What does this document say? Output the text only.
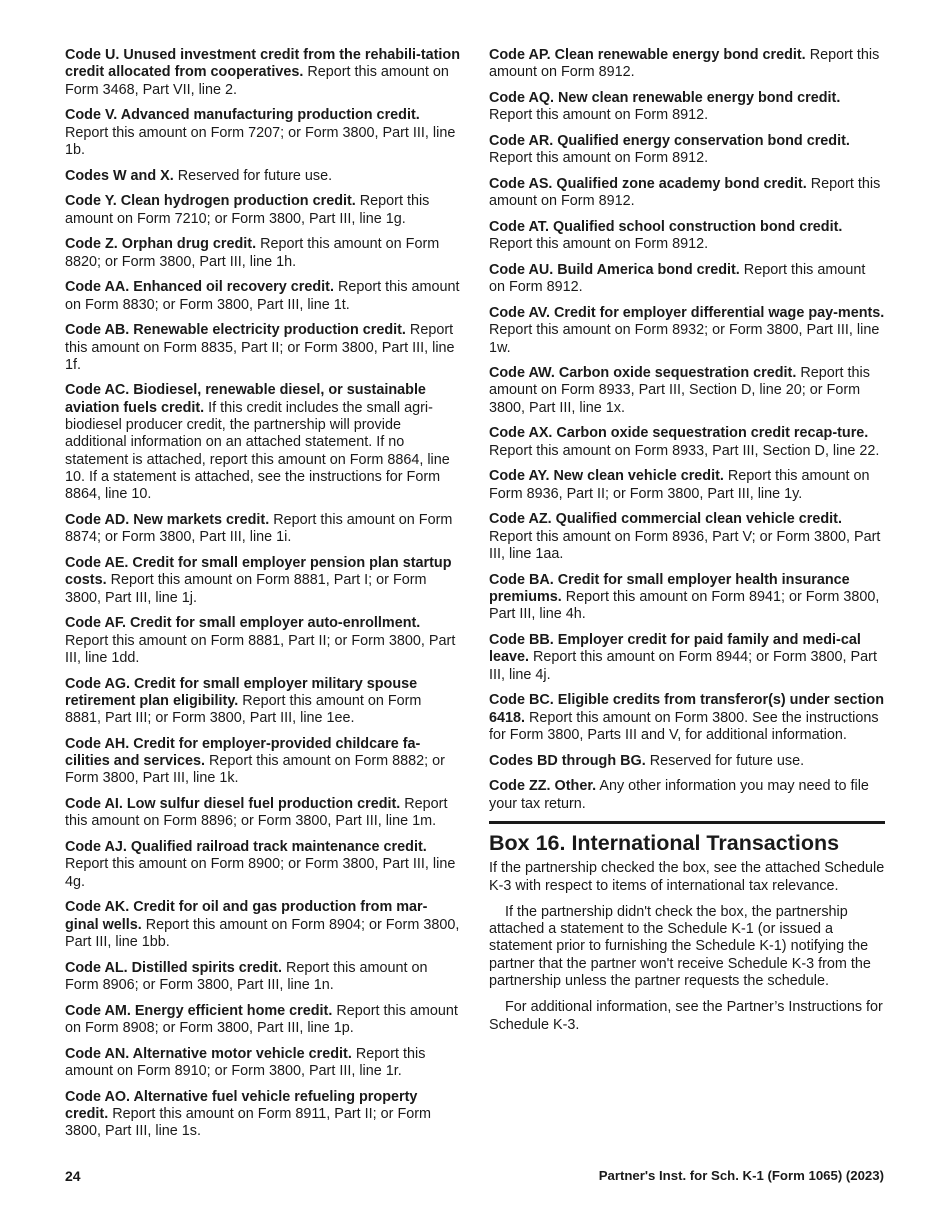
Code U. Unused investment credit from the rehabili-tation credit allocated from cooperatives. Report this amount on Form 3468, Part VII, line 2.
Code V. Advanced manufacturing production credit. Report this amount on Form 7207; or Form 3800, Part III, line 1b.
Codes W and X. Reserved for future use.
Code Y. Clean hydrogen production credit. Report this amount on Form 7210; or Form 3800, Part III, line 1g.
Code Z. Orphan drug credit. Report this amount on Form 8820; or Form 3800, Part III, line 1h.
Code AA. Enhanced oil recovery credit. Report this amount on Form 8830; or Form 3800, Part III, line 1t.
Code AB. Renewable electricity production credit. Report this amount on Form 8835, Part II; or Form 3800, Part III, line 1f.
Code AC. Biodiesel, renewable diesel, or sustainable aviation fuels credit. If this credit includes the small agri-biodiesel producer credit, the partnership will provide additional information on an attached statement. If no statement is attached, report this amount on Form 8864, line 10. If a statement is attached, see the instructions for Form 8864, line 10.
Code AD. New markets credit. Report this amount on Form 8874; or Form 3800, Part III, line 1i.
Code AE. Credit for small employer pension plan startup costs. Report this amount on Form 8881, Part I; or Form 3800, Part III, line 1j.
Code AF. Credit for small employer auto-enrollment. Report this amount on Form 8881, Part II; or Form 3800, Part III, line 1dd.
Code AG. Credit for small employer military spouse retirement plan eligibility. Report this amount on Form 8881, Part III; or Form 3800, Part III, line 1ee.
Code AH. Credit for employer-provided childcare fa-cilities and services. Report this amount on Form 8882; or Form 3800, Part III, line 1k.
Code AI. Low sulfur diesel fuel production credit. Report this amount on Form 8896; or Form 3800, Part III, line 1m.
Code AJ. Qualified railroad track maintenance credit. Report this amount on Form 8900; or Form 3800, Part III, line 4g.
Code AK. Credit for oil and gas production from mar-ginal wells. Report this amount on Form 8904; or Form 3800, Part III, line 1bb.
Code AL. Distilled spirits credit. Report this amount on Form 8906; or Form 3800, Part III, line 1n.
Code AM. Energy efficient home credit. Report this amount on Form 8908; or Form 3800, Part III, line 1p.
Code AN. Alternative motor vehicle credit. Report this amount on Form 8910; or Form 3800, Part III, line 1r.
Code AO. Alternative fuel vehicle refueling property credit. Report this amount on Form 8911, Part II; or Form 3800, Part III, line 1s.
Code AP. Clean renewable energy bond credit. Report this amount on Form 8912.
Code AQ. New clean renewable energy bond credit. Report this amount on Form 8912.
Code AR. Qualified energy conservation bond credit. Report this amount on Form 8912.
Code AS. Qualified zone academy bond credit. Report this amount on Form 8912.
Code AT. Qualified school construction bond credit. Report this amount on Form 8912.
Code AU. Build America bond credit. Report this amount on Form 8912.
Code AV. Credit for employer differential wage pay-ments. Report this amount on Form 8932; or Form 3800, Part III, line 1w.
Code AW. Carbon oxide sequestration credit. Report this amount on Form 8933, Part III, Section D, line 20; or Form 3800, Part III, line 1x.
Code AX. Carbon oxide sequestration credit recap-ture. Report this amount on Form 8933, Part III, Section D, line 22.
Code AY. New clean vehicle credit. Report this amount on Form 8936, Part II; or Form 3800, Part III, line 1y.
Code AZ. Qualified commercial clean vehicle credit. Report this amount on Form 8936, Part V; or Form 3800, Part III, line 1aa.
Code BA. Credit for small employer health insurance premiums. Report this amount on Form 8941; or Form 3800, Part III, line 4h.
Code BB. Employer credit for paid family and medi-cal leave. Report this amount on Form 8944; or Form 3800, Part III, line 4j.
Code BC. Eligible credits from transferor(s) under section 6418. Report this amount on Form 3800. See the instructions for Form 3800, Parts III and V, for additional information.
Codes BD through BG. Reserved for future use.
Code ZZ. Other. Any other information you may need to file your tax return.
Box 16. International Transactions

If the partnership checked the box, see the attached Schedule K-3 with respect to items of international tax relevance.

If the partnership didn't check the box, the partnership attached a statement to the Schedule K-1 (or issued a statement prior to furnishing the Schedule K-1) notifying the partner that the partner won't receive Schedule K-3 from the partnership unless the partner requests the schedule.

For additional information, see the Partner’s Instructions for Schedule K-3.

24	Partner's Inst. for Sch. K-1 (Form 1065) (2023)
